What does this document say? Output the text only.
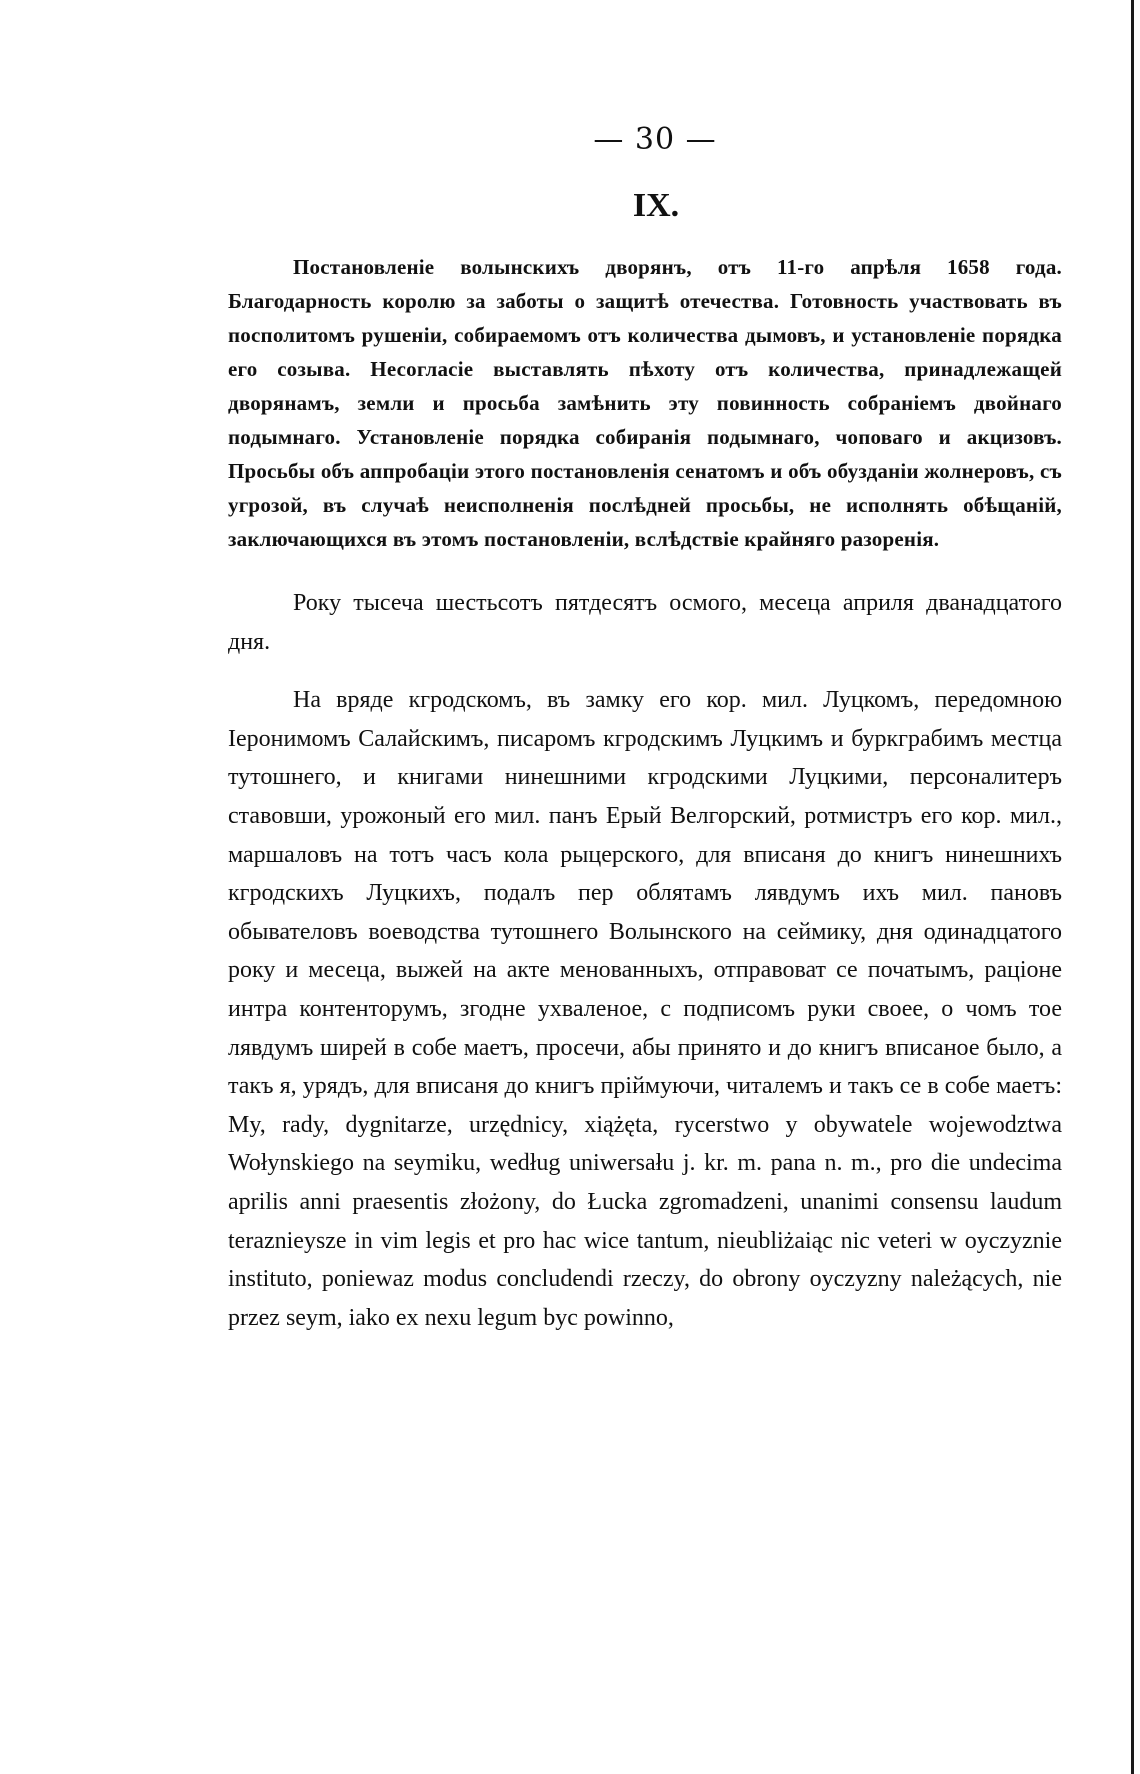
— 30 —
IX.

Постановленіе волынскихъ дворянъ, отъ 11-го апрѣля 1658 года. Благодарность королю за заботы о защитѣ отечества. Готовность участвовать въ посполитомъ рушеніи, собираемомъ отъ количества дымовъ, и установленіе порядка его созыва. Несогласіе выставлять пѣхоту отъ количества, принадлежащей дворянамъ, земли и просьба замѣнить эту повинность собраніемъ двойнаго подымнаго. Установленіе порядка собиранія подымнаго, чоповаго и акцизовъ. Просьбы объ аппробаціи этого постановленія сенатомъ и объ обузданіи жолнеровъ, съ угрозой, въ случаѣ неисполненія послѣдней просьбы, не исполнять обѣщаній, заключающихся въ этомъ постановленіи, вслѣдствіе крайняго разоренія.

Року тысеча шестьсотъ пятдесятъ осмого, месеца априля дванадцатого дня.

На вряде кгродскомъ, въ замку его кор. мил. Луцкомъ, передомною Іеронимомъ Салайскимъ, писаромъ кгродскимъ Луцкимъ и буркграбимъ местца тутошнего, и книгами нинешними кгродскими Луцкими, персоналитеръ ставовши, урожоный его мил. панъ Ерый Велгорский, ротмистръ его кор. мил., маршаловъ на тотъ часъ кола рыцерского, для вписаня до книгъ нинешнихъ кгродскихъ Луцкихъ, подалъ пер облятамъ лявдумъ ихъ мил. пановъ обывателовъ воеводства тутошнего Волынского на сеймику, дня одинадцатого року и месеца, выжей на акте менованныхъ, отправоват се початымъ, раціоне интра контенторумъ, згодне ухваленое, с подписомъ руки своее, о чомъ тое лявдумъ ширей в собе маетъ, просечи, абы принято и до книгъ вписаное было, а такъ я, урядъ, для вписаня до книгъ пріймуючи, читалемъ и такъ се в собе маетъ: My, rady, dygnitarze, urzędnicy, xiążęta, rycerstwo y obywatele wojewodztwa Wołynskiego na seymiku, według uniwersału j. kr. m. pana n. m., pro die undecima aprilis anni praesentis złożony, do Łucka zgromadzeni, unanimi consensu laudum teraznieysze in vim legis et pro hac wice tantum, nieubliżaiąc nic veteri w oyczyznie instituto, poniewaz modus concludendi rzeczy, do obrony oyczyzny należących, nie przez seym, iako ex nexu legum byc powinno,
